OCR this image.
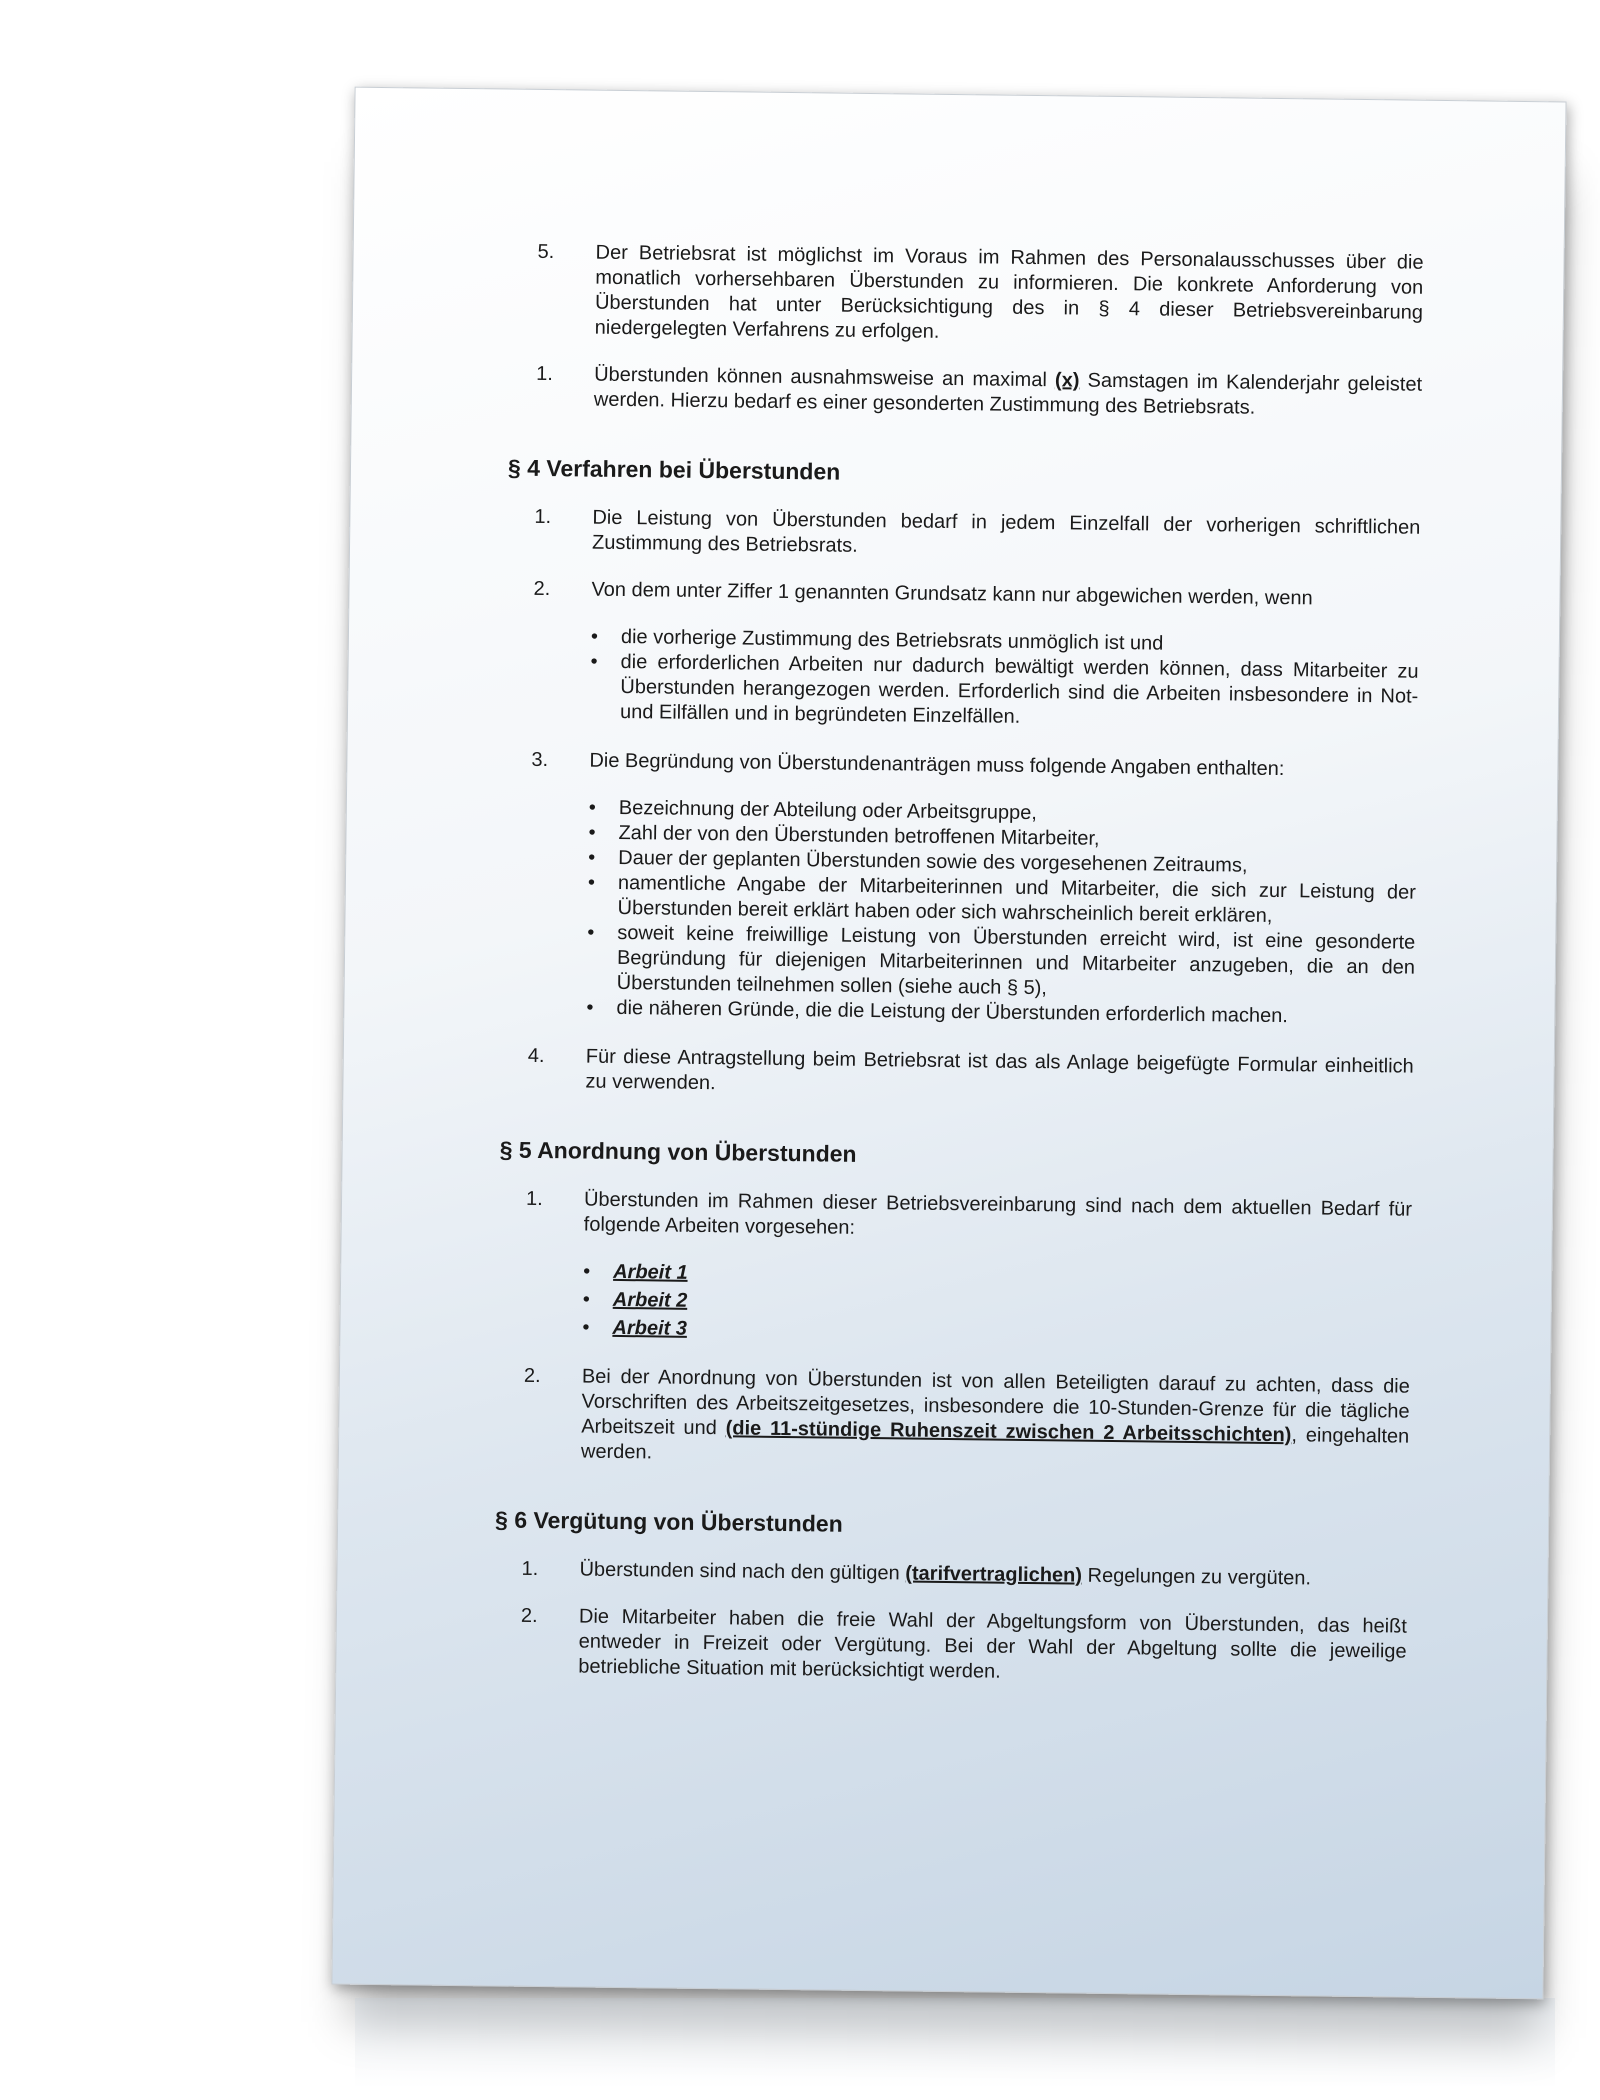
5. Der Betriebsrat ist möglichst im Voraus im Rahmen des Personalausschusses über die monatlich vorhersehbaren Überstunden zu informieren. Die konkrete Anforderung von Überstunden hat unter Berücksichtigung des in § 4 dieser Betriebsvereinbarung niedergelegten Verfahrens zu erfolgen.
1. Überstunden können ausnahmsweise an maximal (x) Samstagen im Kalenderjahr geleistet werden. Hierzu bedarf es einer gesonderten Zustimmung des Betriebsrats.
§ 4 Verfahren bei Überstunden
1. Die Leistung von Überstunden bedarf in jedem Einzelfall der vorherigen schriftlichen Zustimmung des Betriebsrats.
2. Von dem unter Ziffer 1 genannten Grundsatz kann nur abgewichen werden, wenn
• die vorherige Zustimmung des Betriebsrats unmöglich ist und
• die erforderlichen Arbeiten nur dadurch bewältigt werden können, dass Mitarbeiter zu Überstunden herangezogen werden. Erforderlich sind die Arbeiten insbesondere in Not- und Eilfällen und in begründeten Einzelfällen.
3. Die Begründung von Überstundenanträgen muss folgende Angaben enthalten:
• Bezeichnung der Abteilung oder Arbeitsgruppe,
• Zahl der von den Überstunden betroffenen Mitarbeiter,
• Dauer der geplanten Überstunden sowie des vorgesehenen Zeitraums,
• namentliche Angabe der Mitarbeiterinnen und Mitarbeiter, die sich zur Leistung der Überstunden bereit erklärt haben oder sich wahrscheinlich bereit erklären,
• soweit keine freiwillige Leistung von Überstunden erreicht wird, ist eine gesonderte Begründung für diejenigen Mitarbeiterinnen und Mitarbeiter anzugeben, die an den Überstunden teilnehmen sollen (siehe auch § 5),
• die näheren Gründe, die die Leistung der Überstunden erforderlich machen.
4. Für diese Antragstellung beim Betriebsrat ist das als Anlage beigefügte Formular einheitlich zu verwenden.
§ 5 Anordnung von Überstunden
1. Überstunden im Rahmen dieser Betriebsvereinbarung sind nach dem aktuellen Bedarf für folgende Arbeiten vorgesehen:
• Arbeit 1
• Arbeit 2
• Arbeit 3
2. Bei der Anordnung von Überstunden ist von allen Beteiligten darauf zu achten, dass die Vorschriften des Arbeitszeitgesetzes, insbesondere die 10-Stunden-Grenze für die tägliche Arbeitszeit und (die 11-stündige Ruhenszeit zwischen 2 Arbeitsschichten), eingehalten werden.
§ 6 Vergütung von Überstunden
1. Überstunden sind nach den gültigen (tarifvertraglichen) Regelungen zu vergüten.
2. Die Mitarbeiter haben die freie Wahl der Abgeltungsform von Überstunden, das heißt entweder in Freizeit oder Vergütung. Bei der Wahl der Abgeltung sollte die jeweilige betriebliche Situation mit berücksichtigt werden.
